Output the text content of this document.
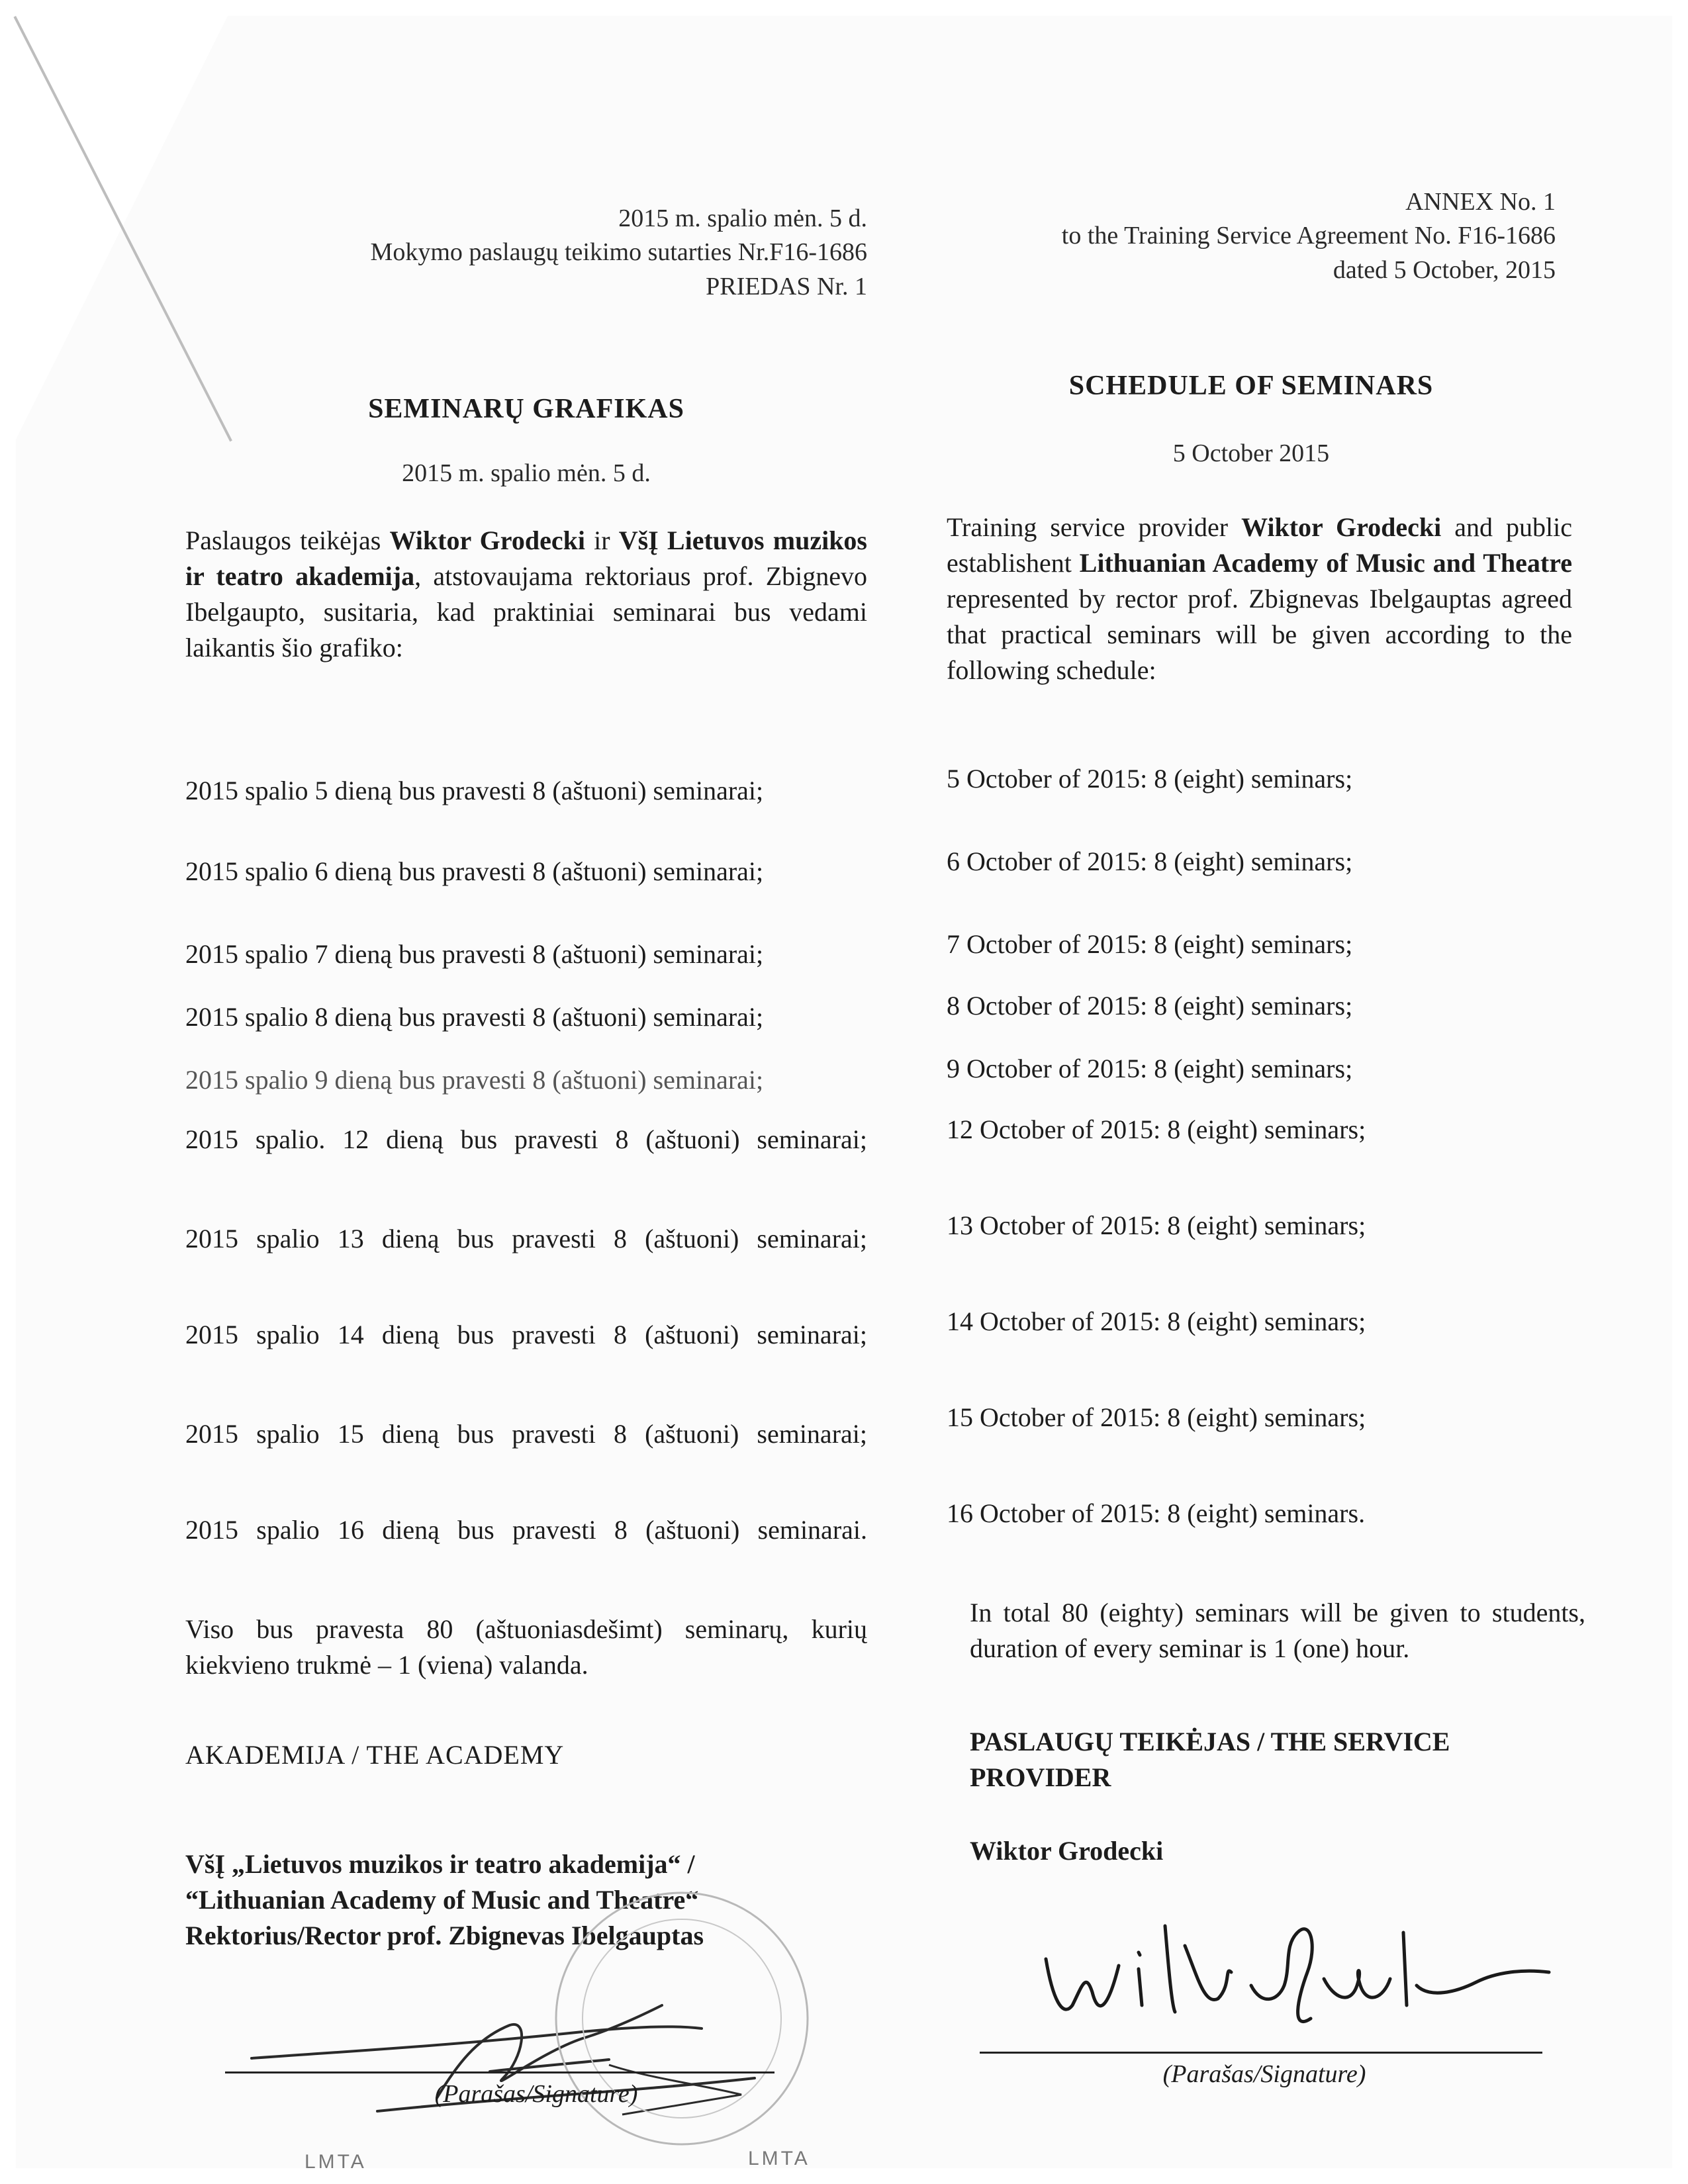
2015 m. spalio mėn. 5 d.
Mokymo paslaugų teikimo sutarties Nr.F16-1686
PRIEDAS Nr. 1
SEMINARŲ GRAFIKAS
2015 m. spalio mėn. 5 d.
Paslaugos teikėjas Wiktor Grodecki ir VšĮ Lietuvos muzikos ir teatro akademija, atstovaujama rektoriaus prof. Zbignevo Ibelgaupto, susitaria, kad praktiniai seminarai bus vedami laikantis šio grafiko:
2015 spalio 5 dieną bus pravesti 8 (aštuoni) seminarai;
2015 spalio 6 dieną bus pravesti 8 (aštuoni) seminarai;
2015 spalio 7 dieną bus pravesti 8 (aštuoni) seminarai;
2015 spalio 8 dieną bus pravesti 8 (aštuoni) seminarai;
2015 spalio 9 dieną bus pravesti 8 (aštuoni) seminarai;
2015 spalio. 12 dieną bus pravesti 8 (aštuoni) seminarai;
2015 spalio 13 dieną bus pravesti 8 (aštuoni) seminarai;
2015 spalio 14 dieną bus pravesti 8 (aštuoni) seminarai;
2015 spalio 15 dieną bus pravesti 8 (aštuoni) seminarai;
2015 spalio 16 dieną bus pravesti 8 (aštuoni) seminarai.
Viso bus pravesta 80 (aštuoniasdešimt) seminarų, kurių kiekvieno trukmė – 1 (viena) valanda.
AKADEMIJA / THE ACADEMY
VšĮ „Lietuvos muzikos ir teatro akademija“ /
“Lithuanian Academy of Music and Theatre“
Rektorius/Rector prof. Zbignevas Ibelgauptas
(Parašas/Signature)
LMTA	LMTA
ANNEX No. 1
to the Training Service Agreement No. F16-1686
dated 5 October, 2015
SCHEDULE OF SEMINARS
5 October 2015
Training service provider Wiktor Grodecki and public establishent Lithuanian Academy of Music and Theatre represented by rector prof. Zbignevas Ibelgauptas agreed that practical seminars will be given according to the following schedule:
5 October of 2015: 8 (eight) seminars;
6 October of 2015: 8 (eight) seminars;
7 October of 2015: 8 (eight) seminars;
8 October of 2015: 8 (eight) seminars;
9 October of 2015: 8 (eight) seminars;
12 October of 2015: 8 (eight) seminars;
13 October of 2015: 8 (eight) seminars;
14 October of 2015: 8 (eight) seminars;
15 October of 2015: 8 (eight) seminars;
16 October of 2015: 8 (eight) seminars.
In total 80 (eighty) seminars will be given to students, duration of every seminar is 1 (one) hour.
PASLAUGŲ TEIKĖJAS / THE SERVICE PROVIDER
Wiktor Grodecki
(Parašas/Signature)
